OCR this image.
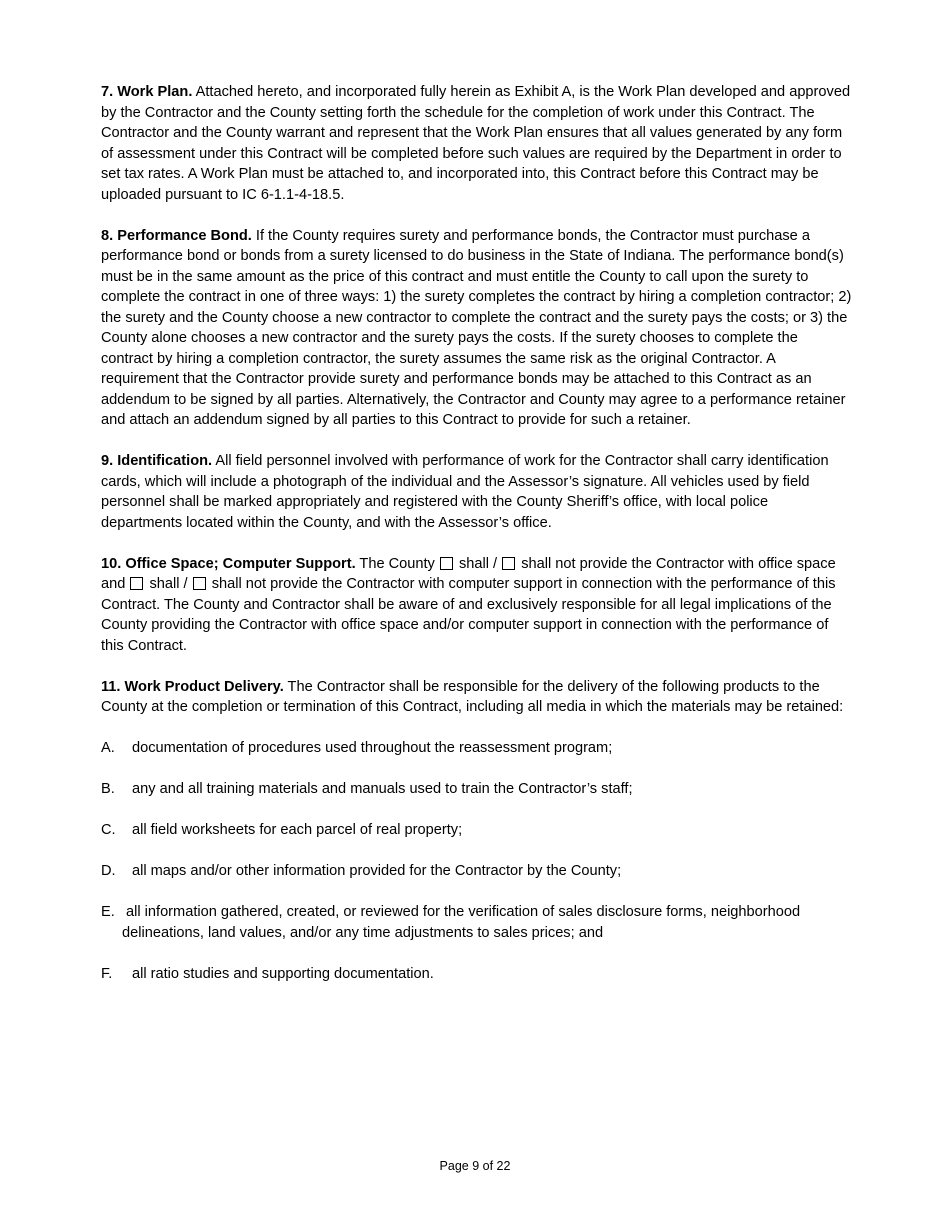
7. Work Plan. Attached hereto, and incorporated fully herein as Exhibit A, is the Work Plan developed and approved by the Contractor and the County setting forth the schedule for the completion of work under this Contract. The Contractor and the County warrant and represent that the Work Plan ensures that all values generated by any form of assessment under this Contract will be completed before such values are required by the Department in order to set tax rates. A Work Plan must be attached to, and incorporated into, this Contract before this Contract may be uploaded pursuant to IC 6-1.1-4-18.5.

8. Performance Bond. If the County requires surety and performance bonds, the Contractor must purchase a performance bond or bonds from a surety licensed to do business in the State of Indiana. The performance bond(s) must be in the same amount as the price of this contract and must entitle the County to call upon the surety to complete the contract in one of three ways: 1) the surety completes the contract by hiring a completion contractor; 2) the surety and the County choose a new contractor to complete the contract and the surety pays the costs; or 3) the County alone chooses a new contractor and the surety pays the costs. If the surety chooses to complete the contract by hiring a completion contractor, the surety assumes the same risk as the original Contractor. A requirement that the Contractor provide surety and performance bonds may be attached to this Contract as an addendum to be signed by all parties. Alternatively, the Contractor and County may agree to a performance retainer and attach an addendum signed by all parties to this Contract to provide for such a retainer.

9. Identification. All field personnel involved with performance of work for the Contractor shall carry identification cards, which will include a photograph of the individual and the Assessor’s signature. All vehicles used by field personnel shall be marked appropriately and registered with the County Sheriff’s office, with local police departments located within the County, and with the Assessor’s office.

10. Office Space; Computer Support. The County  shall /  shall not provide the Contractor with office space and  shall /  shall not provide the Contractor with computer support in connection with the performance of this Contract. The County and Contractor shall be aware of and exclusively responsible for all legal implications of the County providing the Contractor with office space and/or computer support in connection with the performance of this Contract.

11. Work Product Delivery. The Contractor shall be responsible for the delivery of the following products to the County at the completion or termination of this Contract, including all media in which the materials may be retained:

A. documentation of procedures used throughout the reassessment program;
B. any and all training materials and manuals used to train the Contractor’s staff;
C. all field worksheets for each parcel of real property;
D. all maps and/or other information provided for the Contractor by the County;
E. all information gathered, created, or reviewed for the verification of sales disclosure forms, neighborhood delineations, land values, and/or any time adjustments to sales prices; and
F. all ratio studies and supporting documentation.
Page 9 of 22
